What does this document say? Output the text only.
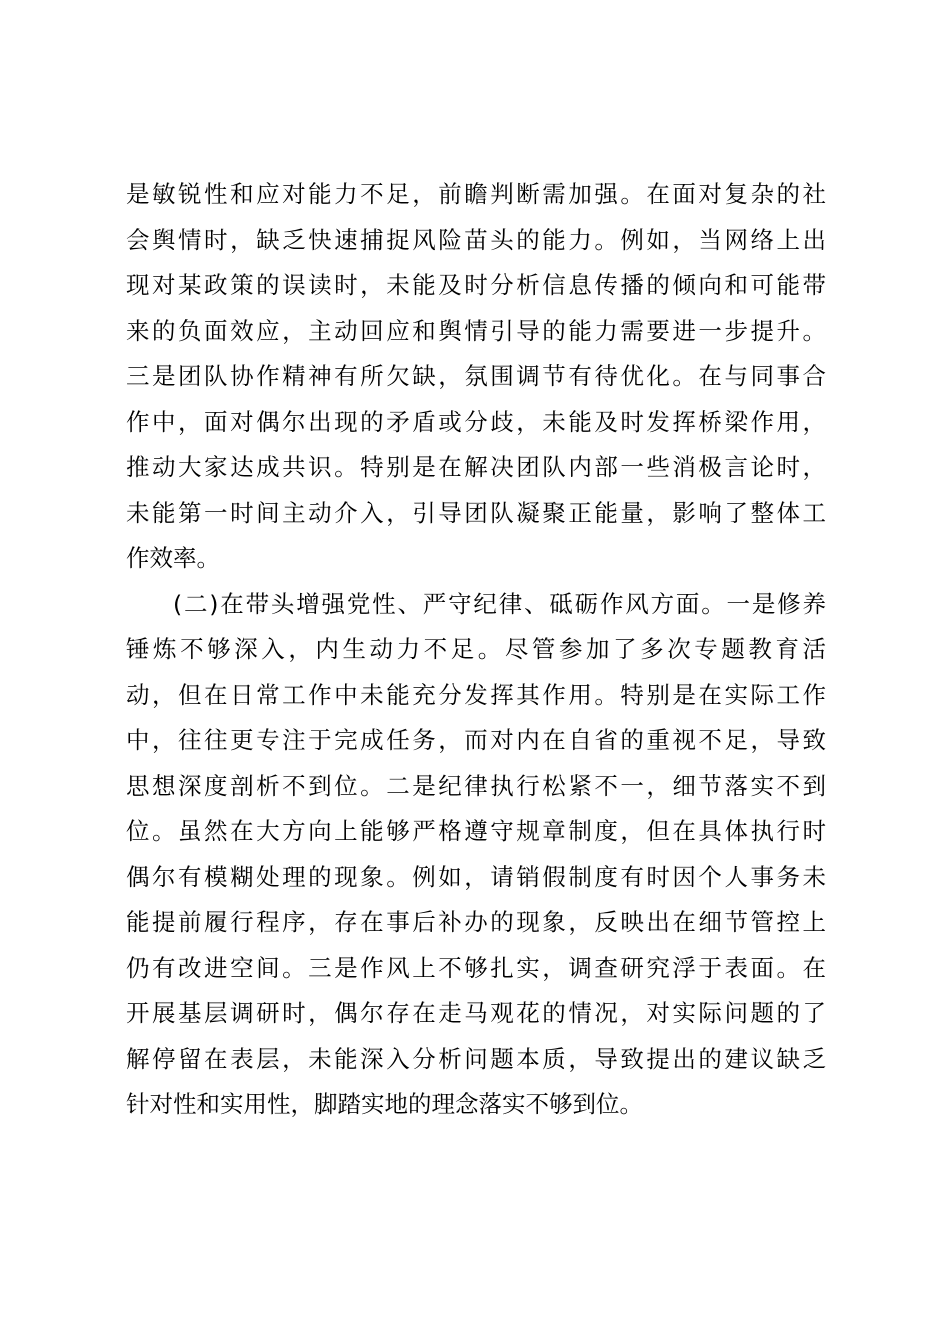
是敏锐性和应对能力不足，前瞻判断需加强。在面对复杂的社
会舆情时，缺乏快速捕捉风险苗头的能力。例如，当网络上出
现对某政策的误读时，未能及时分析信息传播的倾向和可能带
来的负面效应，主动回应和舆情引导的能力需要进一步提升。
三是团队协作精神有所欠缺，氛围调节有待优化。在与同事合
作中，面对偶尔出现的矛盾或分歧，未能及时发挥桥梁作用，
推动大家达成共识。特别是在解决团队内部一些消极言论时，
未能第一时间主动介入，引导团队凝聚正能量，影响了整体工
作效率。
(二)在带头增强党性、严守纪律、砥砺作风方面。一是修养
锤炼不够深入，内生动力不足。尽管参加了多次专题教育活
动，但在日常工作中未能充分发挥其作用。特别是在实际工作
中，往往更专注于完成任务，而对内在自省的重视不足，导致
思想深度剖析不到位。二是纪律执行松紧不一，细节落实不到
位。虽然在大方向上能够严格遵守规章制度，但在具体执行时
偶尔有模糊处理的现象。例如，请销假制度有时因个人事务未
能提前履行程序，存在事后补办的现象，反映出在细节管控上
仍有改进空间。三是作风上不够扎实，调查研究浮于表面。在
开展基层调研时，偶尔存在走马观花的情况，对实际问题的了
解停留在表层，未能深入分析问题本质，导致提出的建议缺乏
针对性和实用性，脚踏实地的理念落实不够到位。
